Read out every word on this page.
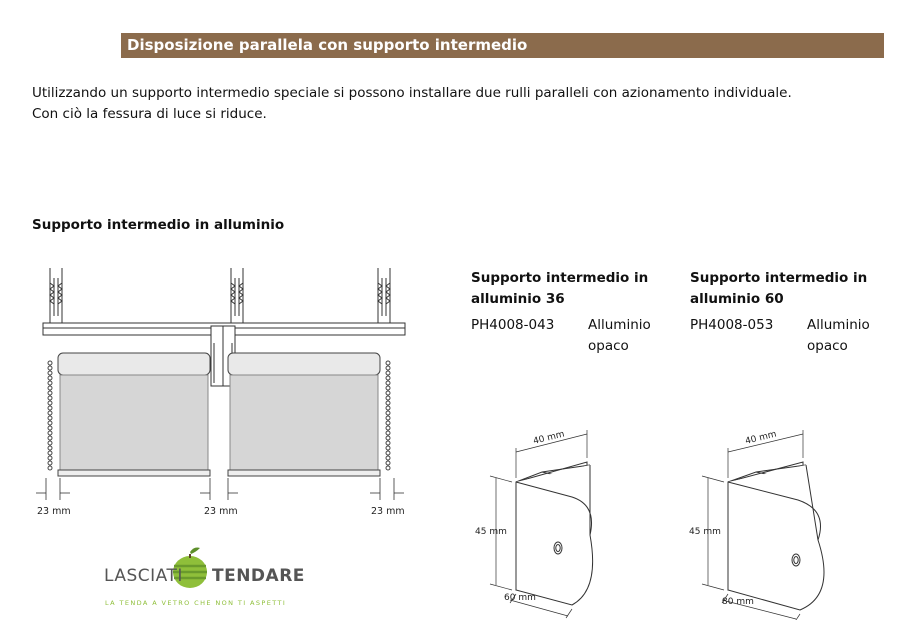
Disposizione parallela con supporto intermedio
Utilizzando un supporto intermedio speciale si possono installare due rulli paralleli con azionamento individuale.
Con ciò la fessura di luce si riduce.
Supporto intermedio in alluminio
23 mm	23 mm	23 mm
Supporto intermedio in
alluminio 36
PH4008-043 Alluminio
opaco
Supporto intermedio in
alluminio 60
PH4008-053 Alluminio
opaco
40 mm
45 mm
60 mm
40 mm
45 mm
80 mm
LASCIATI TENDARE
LA TENDA A VETRO CHE NON TI ASPETTI
